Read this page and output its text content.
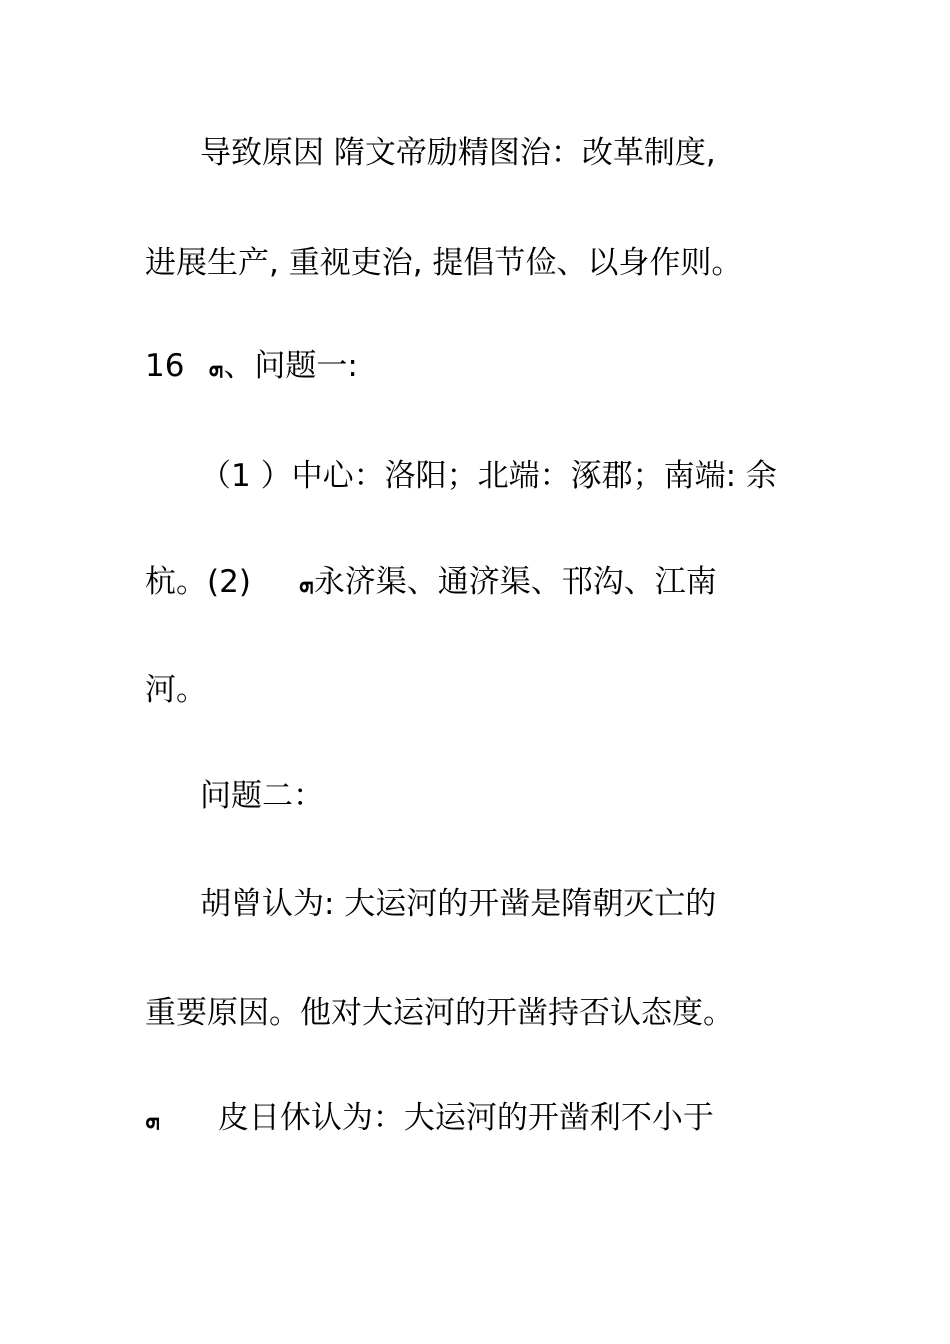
导致原因 隋文帝励精图治：改革制度,
进展生产, 重视吏治, 提倡节俭、以身作则。
16 ܗ、问题一:
（1 ）中心：洛阳；北端：涿郡；南端: 余
杭。(2) ܗ永济渠、通济渠、邗沟、江南
河。
问题二：
胡曾认为: 大运河的开凿是隋朝灭亡的
重要原因。他对大运河的开凿持否认态度。
ܗ 皮日休认为：大运河的开凿利不小于
